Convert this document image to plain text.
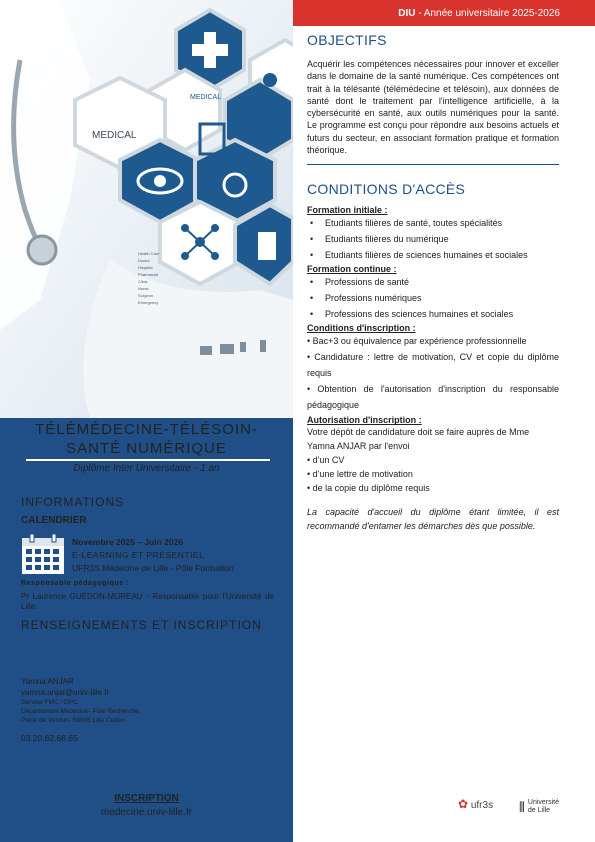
MEDICAL
MEDICAL
Health Care
Doctor
Hospital
Pharmacist
Clinic
Nurse
Surgeon
Emergency
TÉLÉMÉDECINE-TÉLÉSOIN-
SANTÉ NUMÉRIQUE
Diplôme Inter Universitaire - 1 an
INFORMATIONS
CALENDRIER
Novembre 2025 – Juin 2026
E-LEARNING ET PRÉSENTIEL
UFR3S Médecine de Lille - Pôle Formation
Responsable pédagogique :
Pr Laurence GUÉDON-MOREAU - Responsable pour l'Université de Lille.
RENSEIGNEMENTS ET INSCRIPTION
Yamna ANJAR
yamna.anjar@univ-lille.fr
Service FMC / DPC
Département Médecine- Pôle Recherche
Place de Verdun- 59045 Lille Cedex
03.20.62.68.65
INSCRIPTION
medecine.univ-lille.fr
DIU - Année universitaire 2025-2026
OBJECTIFS
Acquérir les compétences nécessaires pour innover et exceller dans le domaine de la santé numérique. Ces compétences ont trait à la télésanté (télémédecine et télésoin), aux données de santé dont le traitement par l'intelligence artificielle, à la cybersécurité en santé, aux outils numériques pour la santé. Le programme est conçu pour répondre aux besoins actuels et futurs du secteur, en associant formation pratique et formation théorique.
CONDITIONS D'ACCÈS
Formation initiale :
• Etudiants filières de santé, toutes spécialités
• Etudiants filières du numérique
• Etudiants filières de sciences humaines et sociales
Formation continue :
• Professions de santé
• Professions numériques
• Professions des sciences humaines et sociales
Conditions d'inscription :
• Bac+3 ou équivalence par expérience professionnelle
• Candidature : lettre de motivation, CV et copie du diplôme requis
• Obtention de l'autorisation d'inscription du responsable pédagogique
Autorisation d'inscription :
Votre dépôt de candidature doit se faire auprès de Mme Yamna ANJAR par l'envoi
• d'un CV
• d'une lettre de motivation
• de la copie du diplôme requis
La capacité d'accueil du diplôme étant limitée, il est recommandé d'entamer les démarches dès que possible.
✿ ufr3s ⫴ Université
de Lille
